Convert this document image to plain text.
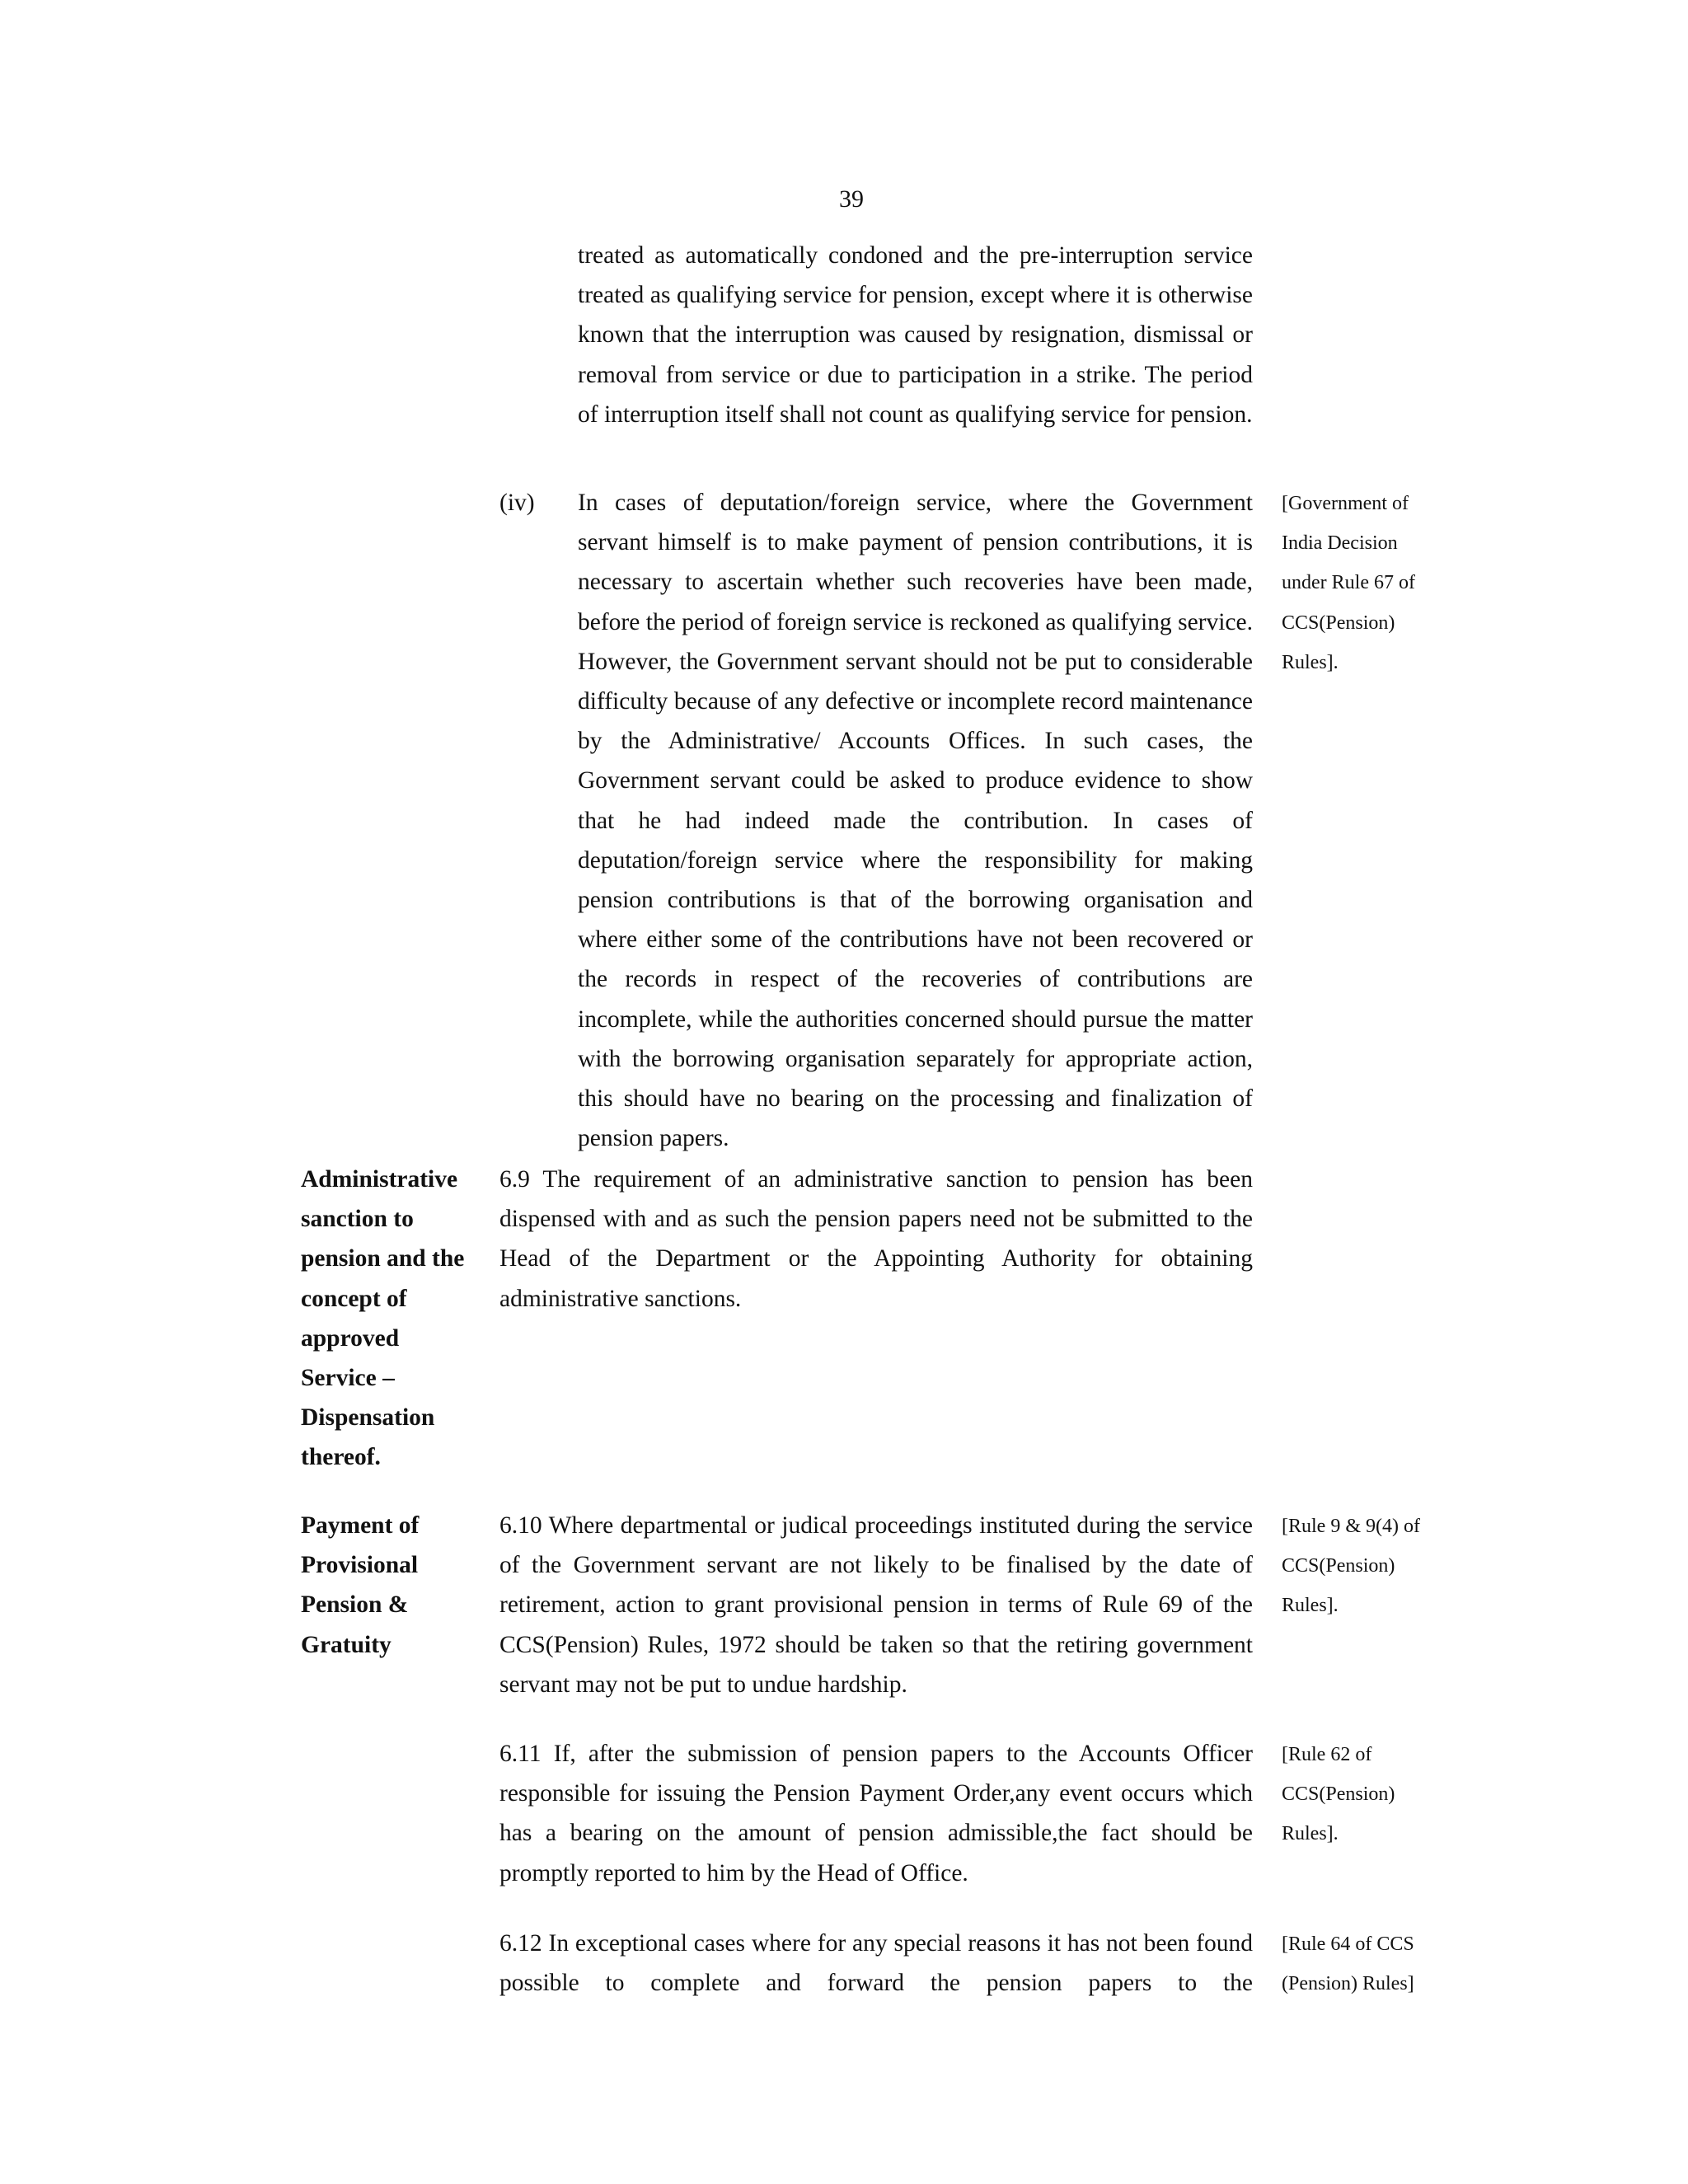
39

treated as automatically condoned and the pre-interruption service treated as qualifying service for pension, except where it is otherwise known that the interruption was caused by resignation, dismissal or removal from service or due to participation in a strike. The period of interruption itself shall not count as qualifying service for pension.

(iv) In cases of deputation/foreign service, where the Government servant himself is to make payment of pension contributions, it is necessary to ascertain whether such recoveries have been made, before the period of foreign service is reckoned as qualifying service. However, the Government servant should not be put to considerable difficulty because of any defective or incomplete record maintenance by the Administrative/ Accounts Offices. In such cases, the Government servant could be asked to produce evidence to show that he had indeed made the contribution. In cases of deputation/foreign service where the responsibility for making pension contributions is that of the borrowing organisation and where either some of the contributions have not been recovered or the records in respect of the recoveries of contributions are incomplete, while the authorities concerned should pursue the matter with the borrowing organisation separately for appropriate action, this should have no bearing on the processing and finalization of pension papers.

[Government of
India Decision
under Rule 67 of
CCS(Pension)
Rules].
Administrative
sanction to
pension and the
concept of
approved
Service –
Dispensation
thereof.

6.9 The requirement of an administrative sanction to pension has been dispensed with and as such the pension papers need not be submitted to the Head of the Department or the Appointing Authority for obtaining administrative sanctions.

Payment of
Provisional
Pension &
Gratuity

6.10 Where departmental or judical proceedings instituted during the service of the Government servant are not likely to be finalised by the date of retirement, action to grant provisional pension in terms of Rule 69 of the CCS(Pension) Rules, 1972 should be taken so that the retiring government servant may not be put to undue hardship.

[Rule 9 & 9(4) of
CCS(Pension)
Rules].

6.11 If, after the submission of pension papers to the Accounts Officer responsible for issuing the Pension Payment Order,any event occurs which has a bearing on the amount of pension admissible,the fact should be promptly reported to him by the Head of Office.

[Rule 62 of
CCS(Pension)
Rules].

6.12 In exceptional cases where for any special reasons it has not been found possible to complete and forward the pension papers to the

[Rule 64 of CCS
(Pension) Rules]
